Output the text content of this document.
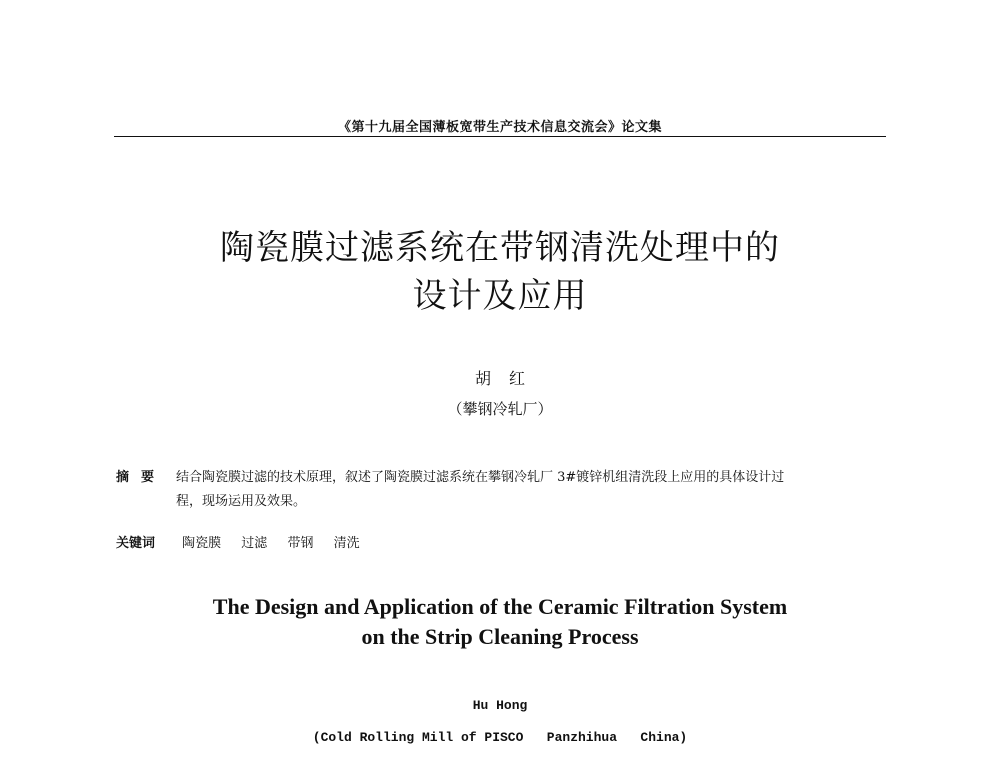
《第十九届全国薄板宽带生产技术信息交流会》论文集
陶瓷膜过滤系统在带钢清洗处理中的
设计及应用
胡红
（攀钢冷轧厂）
摘要 结合陶瓷膜过滤的技术原理，叙述了陶瓷膜过滤系统在攀钢冷轧厂 3#镀锌机组清洗段上应用的具体设计过
程，现场运用及效果。
关键词 陶瓷膜 过滤 带钢 清洗
The Design and Application of the Ceramic Filtration System
on the Strip Cleaning Process
Hu Hong
(Cold Rolling Mill of PISCO   Panzhihua   China)
